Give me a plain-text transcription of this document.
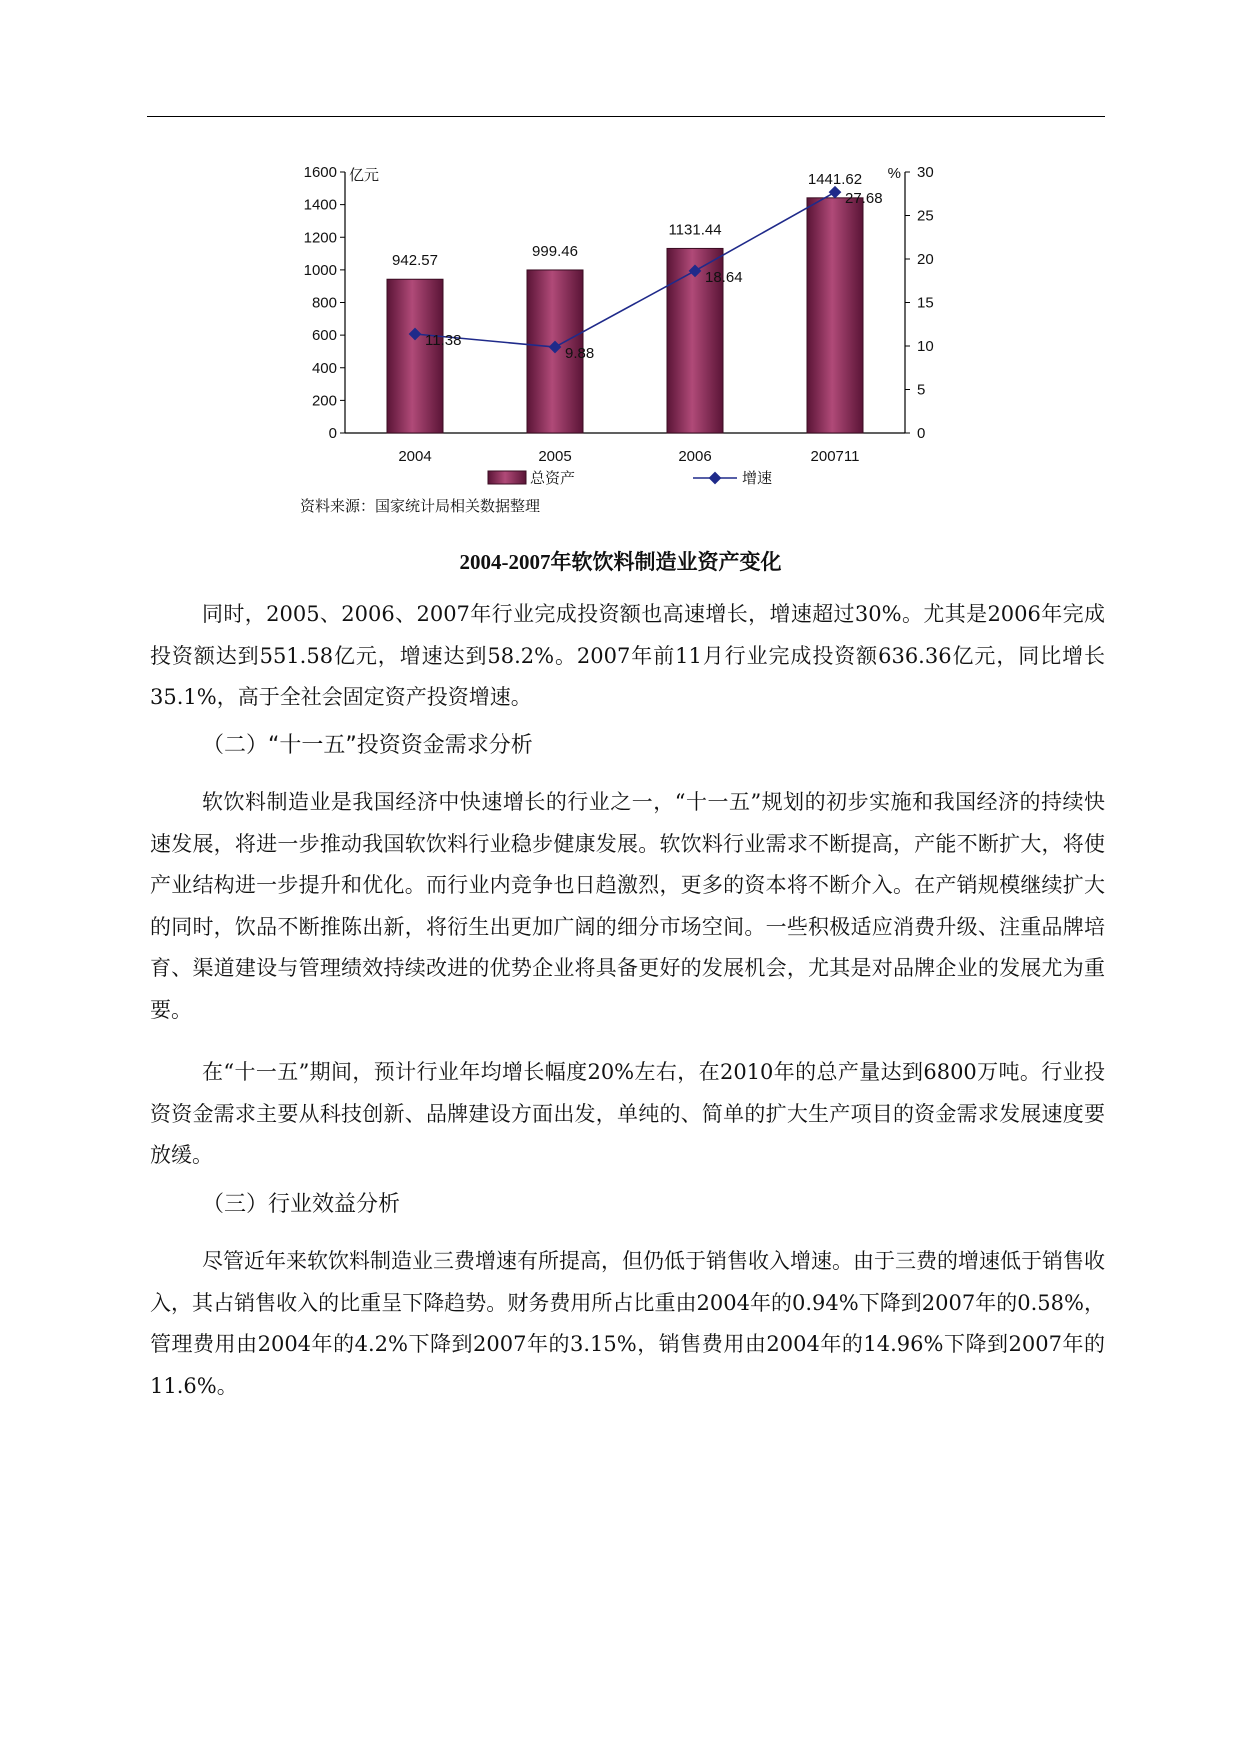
0
200
400
600
800
1000
1200
1400
1600
0
5
10
15
20
25
30
亿元	%
942.57
2004
999.46
2005
1131.44
2006
1441.62
200711
11.38
9.88
18.64
27.68
总资产	增速
资料来源：国家统计局相关数据整理
2004-2007年软饮料制造业资产变化

同时，2005、2006、2007年行业完成投资额也高速增长，增速超过30%。尤其是2006年完成投资额达到551.58亿元，增速达到58.2%。2007年前11月行业完成投资额636.36亿元，同比增长35.1%，高于全社会固定资产投资增速。

（二）“十一五”投资资金需求分析

软饮料制造业是我国经济中快速增长的行业之一，“十一五”规划的初步实施和我国经济的持续快速发展，将进一步推动我国软饮料行业稳步健康发展。软饮料行业需求不断提高，产能不断扩大，将使产业结构进一步提升和优化。而行业内竞争也日趋激烈，更多的资本将不断介入。在产销规模继续扩大的同时，饮品不断推陈出新，将衍生出更加广阔的细分市场空间。一些积极适应消费升级、注重品牌培育、渠道建设与管理绩效持续改进的优势企业将具备更好的发展机会，尤其是对品牌企业的发展尤为重要。

在“十一五”期间，预计行业年均增长幅度20%左右，在2010年的总产量达到6800万吨。行业投资资金需求主要从科技创新、品牌建设方面出发，单纯的、简单的扩大生产项目的资金需求发展速度要放缓。

（三）行业效益分析

尽管近年来软饮料制造业三费增速有所提高，但仍低于销售收入增速。由于三费的增速低于销售收入，其占销售收入的比重呈下降趋势。财务费用所占比重由2004年的0.94%下降到2007年的0.58%，管理费用由2004年的4.2%下降到2007年的3.15%，销售费用由2004年的14.96%下降到2007年的11.6%。
